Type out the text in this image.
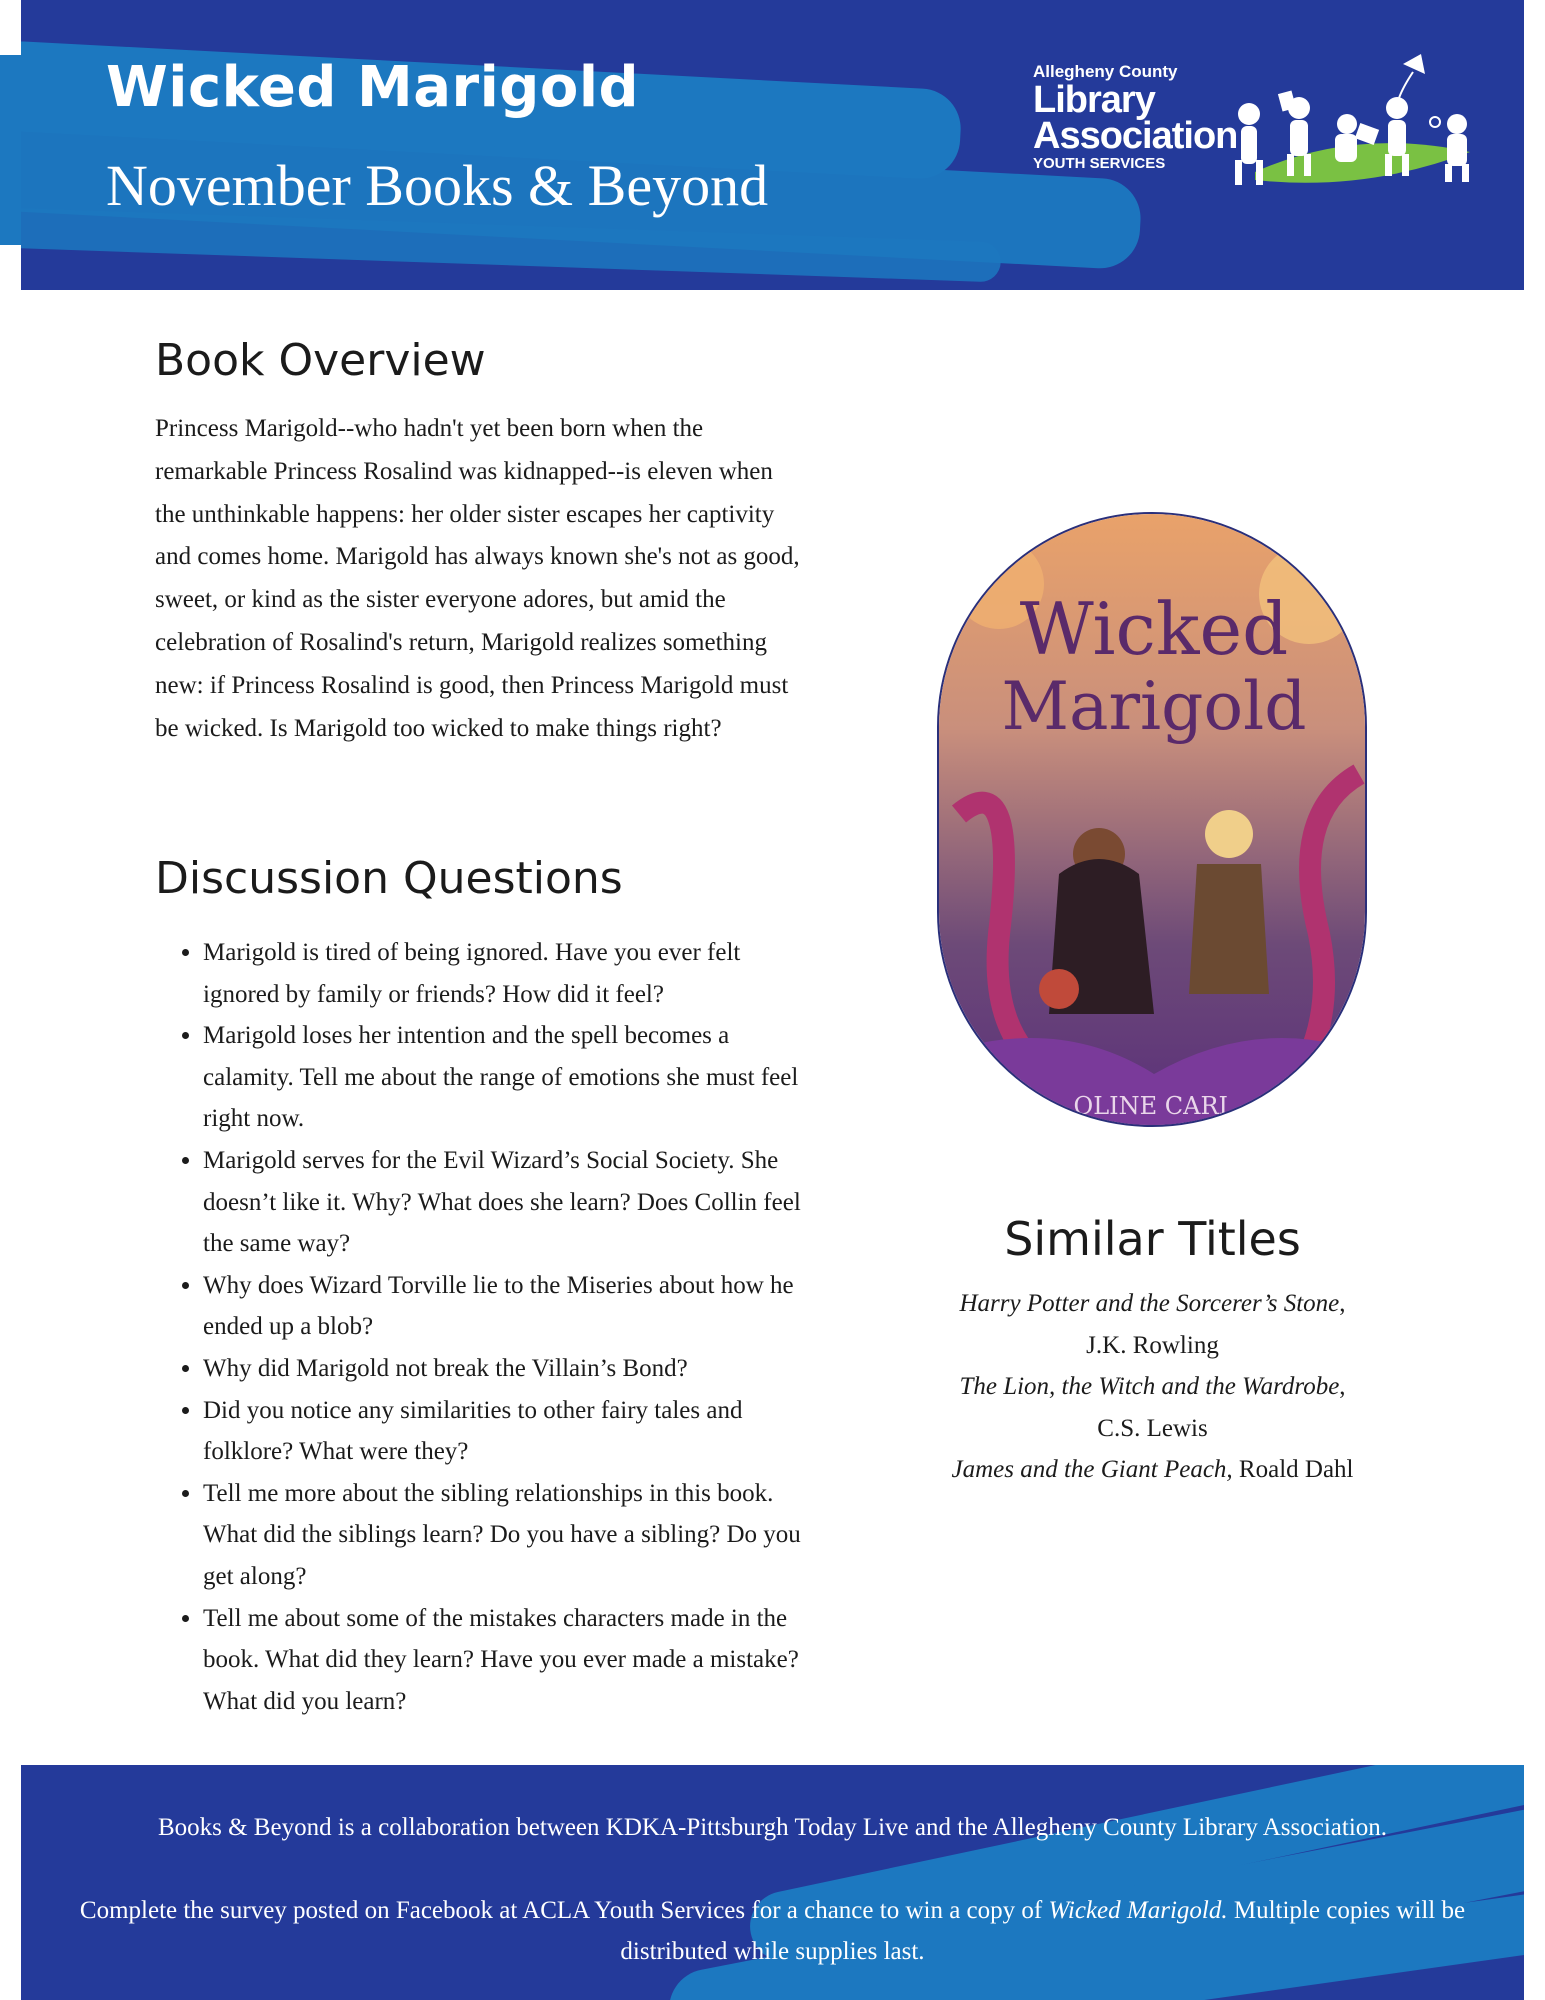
Wicked Marigold
November Books & Beyond
Allegheny County
Library
Association
YOUTH SERVICES
Book Overview

Princess Marigold--who hadn't yet been born when the remarkable Princess Rosalind was kidnapped--is eleven when the unthinkable happens: her older sister escapes her captivity and comes home. Marigold has always known she's not as good, sweet, or kind as the sister everyone adores, but amid the celebration of Rosalind's return, Marigold realizes something new: if Princess Rosalind is good, then Princess Marigold must be wicked. Is Marigold too wicked to make things right?

Discussion Questions
• Marigold is tired of being ignored. Have you ever felt ignored by family or friends? How did it feel?
• Marigold loses her intention and the spell becomes a calamity. Tell me about the range of emotions she must feel right now.
• Marigold serves for the Evil Wizard’s Social Society. She doesn’t like it. Why? What does she learn? Does Collin feel the same way?
• Why does Wizard Torville lie to the Miseries about how he ended up a blob?
• Why did Marigold not break the Villain’s Bond?
• Did you notice any similarities to other fairy tales and folklore? What were they?
• Tell me more about the sibling relationships in this book. What did the siblings learn? Do you have a sibling? Do you get along?
• Tell me about some of the mistakes characters made in the book. What did they learn? Have you ever made a mistake? What did you learn?
Wicked
Marigold
OLINE CARL
Similar Titles
Harry Potter and the Sorcerer’s Stone,
J.K. Rowling
The Lion, the Witch and the Wardrobe,
C.S. Lewis
James and the Giant Peach, Roald Dahl

Books & Beyond is a collaboration between KDKA-Pittsburgh Today Live and the Allegheny County Library Association.

Complete the survey posted on Facebook at ACLA Youth Services for a chance to win a copy of Wicked Marigold. Multiple copies will be distributed while supplies last.
